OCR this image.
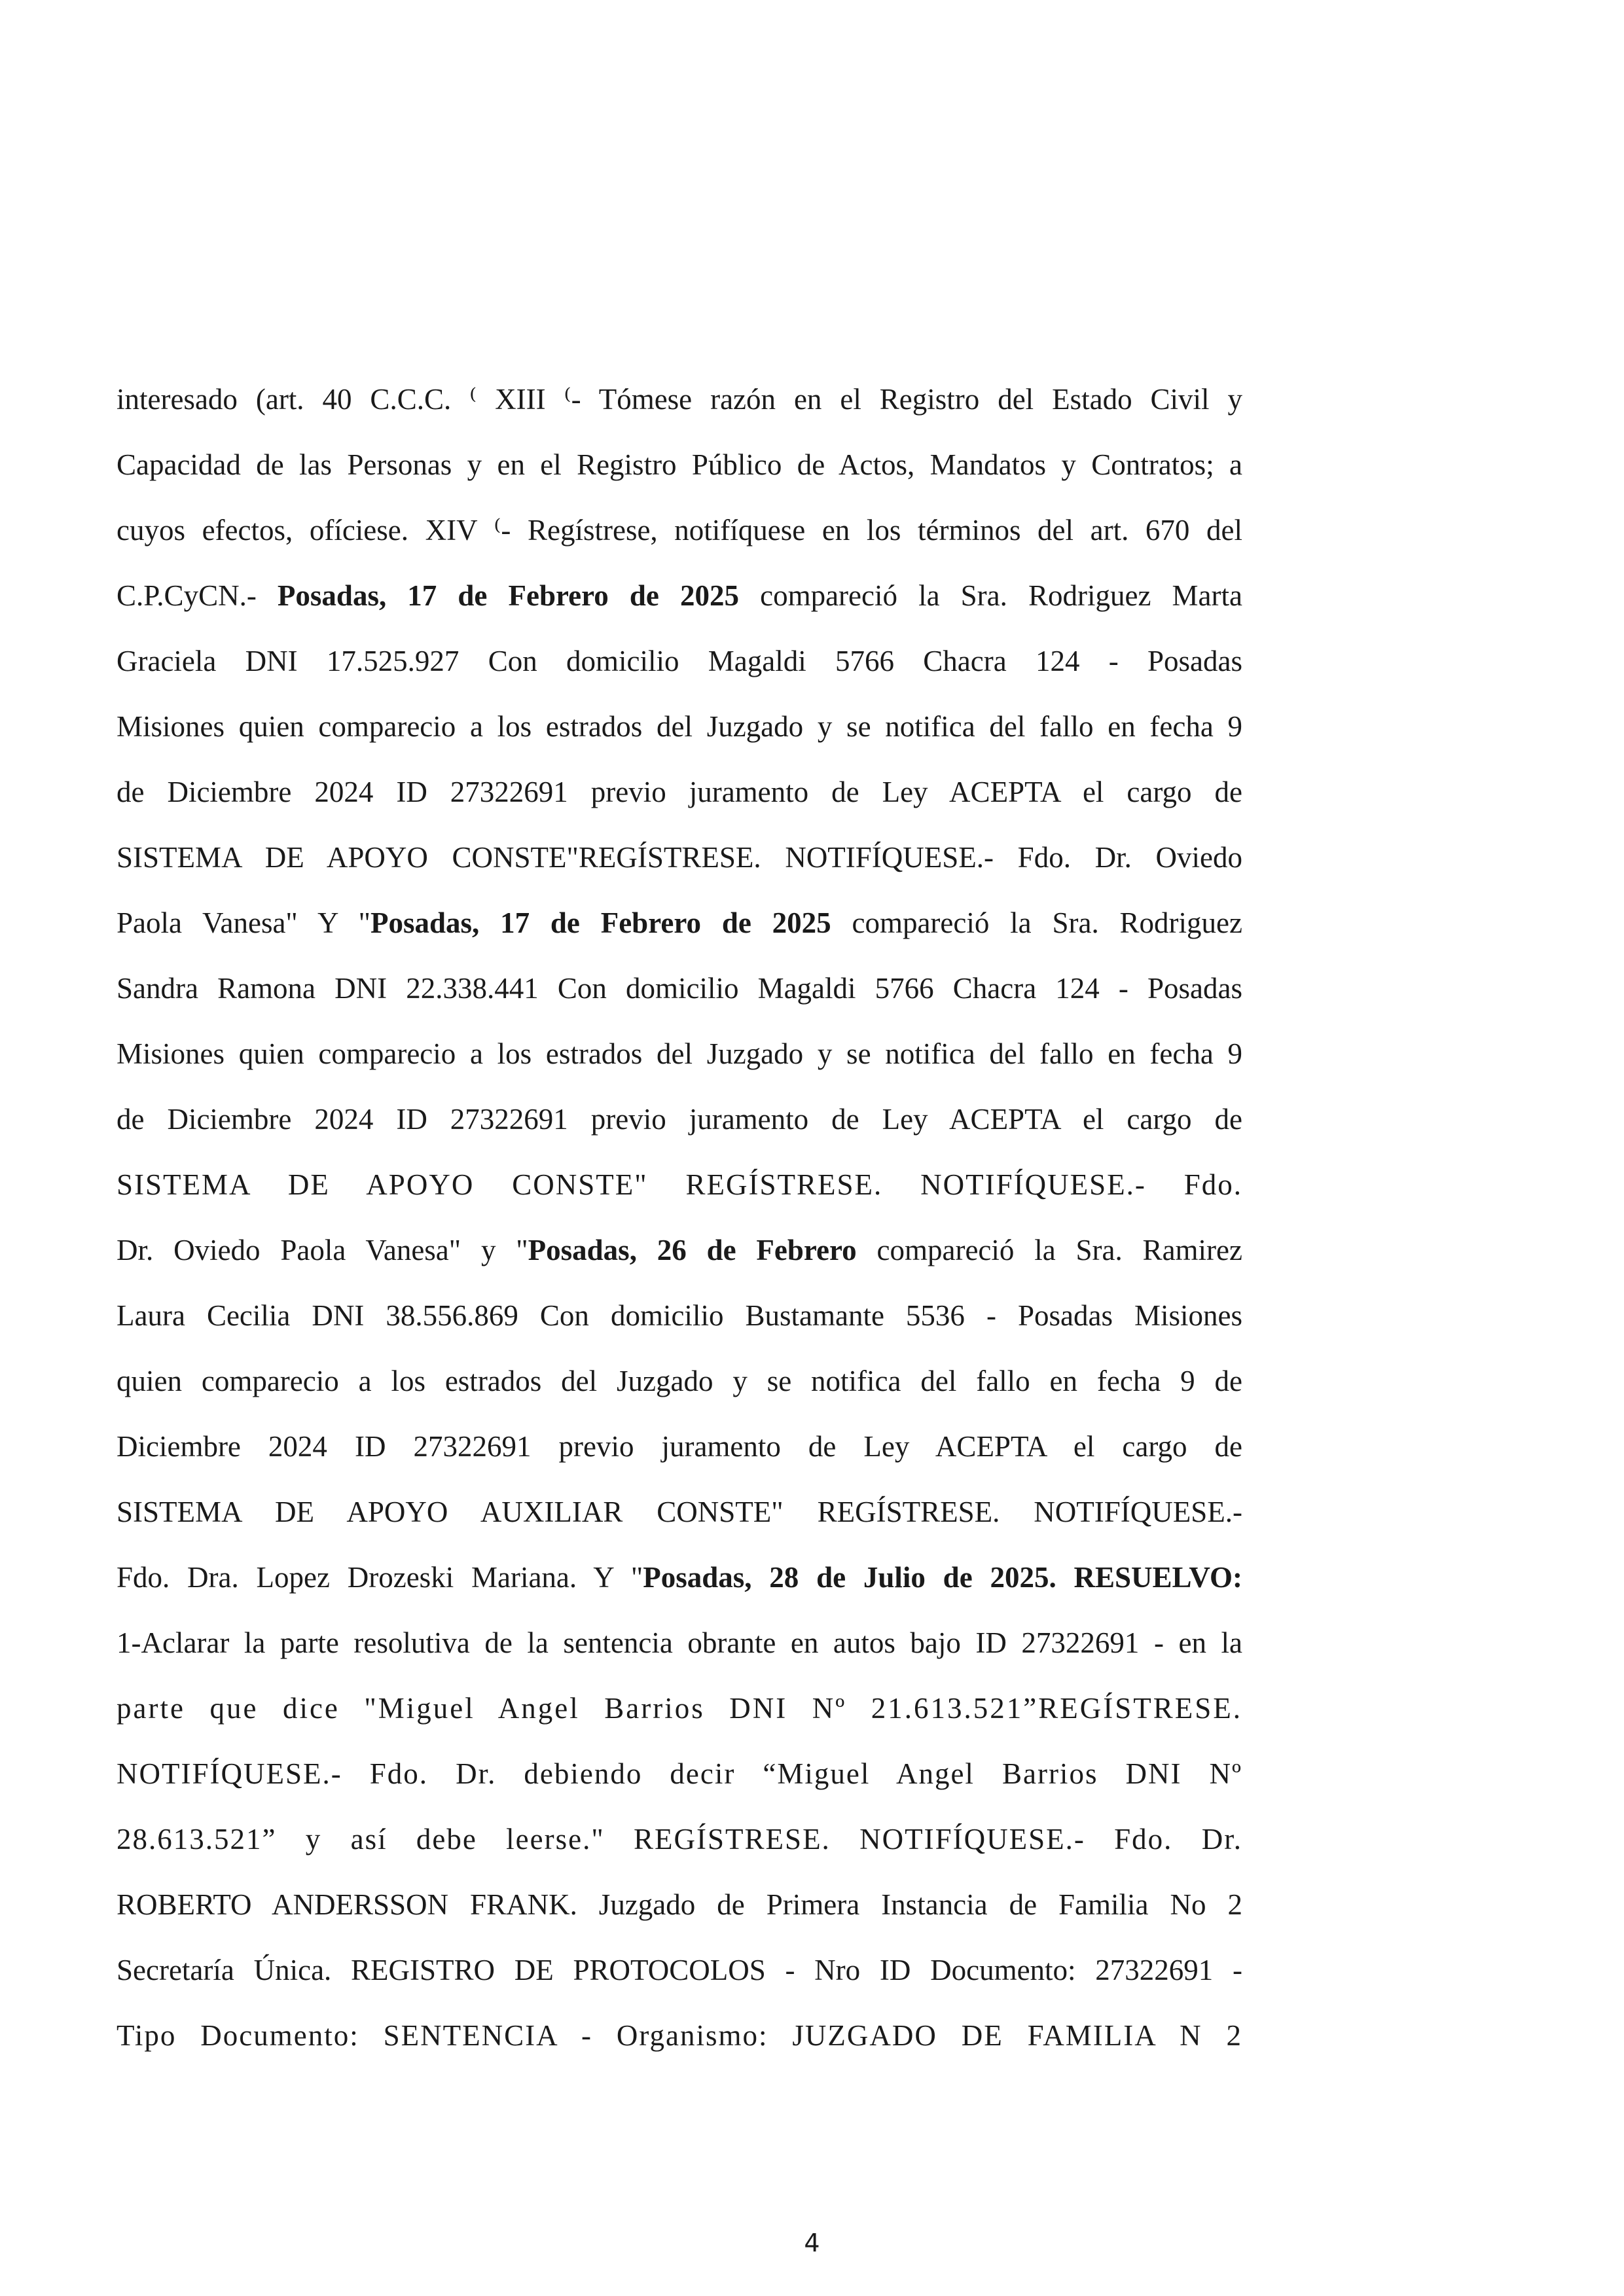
interesado (art. 40 C.C.C. ⁽ XIII ⁽- Tómese razón en el Registro del Estado Civil y
Capacidad de las Personas y en el Registro Público de Actos, Mandatos y Contratos; a
cuyos efectos, ofíciese. XIV ⁽- Regístrese, notifíquese en los términos del art. 670 del
C.P.CyCN.- Posadas, 17 de Febrero de 2025 compareció la Sra. Rodriguez Marta
Graciela DNI 17.525.927 Con domicilio Magaldi 5766 Chacra 124 - Posadas
Misiones quien comparecio a los estrados del Juzgado y se notifica del fallo en fecha 9
de Diciembre 2024 ID 27322691 previo juramento de Ley ACEPTA el cargo de
SISTEMA DE APOYO CONSTE"REGÍSTRESE. NOTIFÍQUESE.- Fdo. Dr. Oviedo
Paola Vanesa" Y "Posadas, 17 de Febrero de 2025 compareció la Sra. Rodriguez
Sandra Ramona DNI 22.338.441 Con domicilio Magaldi 5766 Chacra 124 - Posadas
Misiones quien comparecio a los estrados del Juzgado y se notifica del fallo en fecha 9
de Diciembre 2024 ID 27322691 previo juramento de Ley ACEPTA el cargo de
SISTEMA DE APOYO CONSTE" REGÍSTRESE. NOTIFÍQUESE.- Fdo.
Dr. Oviedo Paola Vanesa" y "Posadas, 26 de Febrero compareció la Sra. Ramirez
Laura Cecilia DNI 38.556.869 Con domicilio Bustamante 5536 - Posadas Misiones
quien comparecio a los estrados del Juzgado y se notifica del fallo en fecha 9 de
Diciembre 2024 ID 27322691 previo juramento de Ley ACEPTA el cargo de
SISTEMA DE APOYO AUXILIAR CONSTE" REGÍSTRESE. NOTIFÍQUESE.-
Fdo. Dra. Lopez Drozeski Mariana. Y "Posadas, 28 de Julio de 2025. RESUELVO:
1-Aclarar la parte resolutiva de la sentencia obrante en autos bajo ID 27322691 - en la
parte que dice "Miguel Angel Barrios DNI Nº 21.613.521”REGÍSTRESE.
NOTIFÍQUESE.- Fdo. Dr. debiendo decir “Miguel Angel Barrios DNI Nº
28.613.521” y así debe leerse." REGÍSTRESE. NOTIFÍQUESE.- Fdo. Dr.
ROBERTO ANDERSSON FRANK. Juzgado de Primera Instancia de Familia No 2
Secretaría Única. REGISTRO DE PROTOCOLOS - Nro ID Documento: 27322691 -
Tipo Documento: SENTENCIA - Organismo: JUZGADO DE FAMILIA N 2
4
